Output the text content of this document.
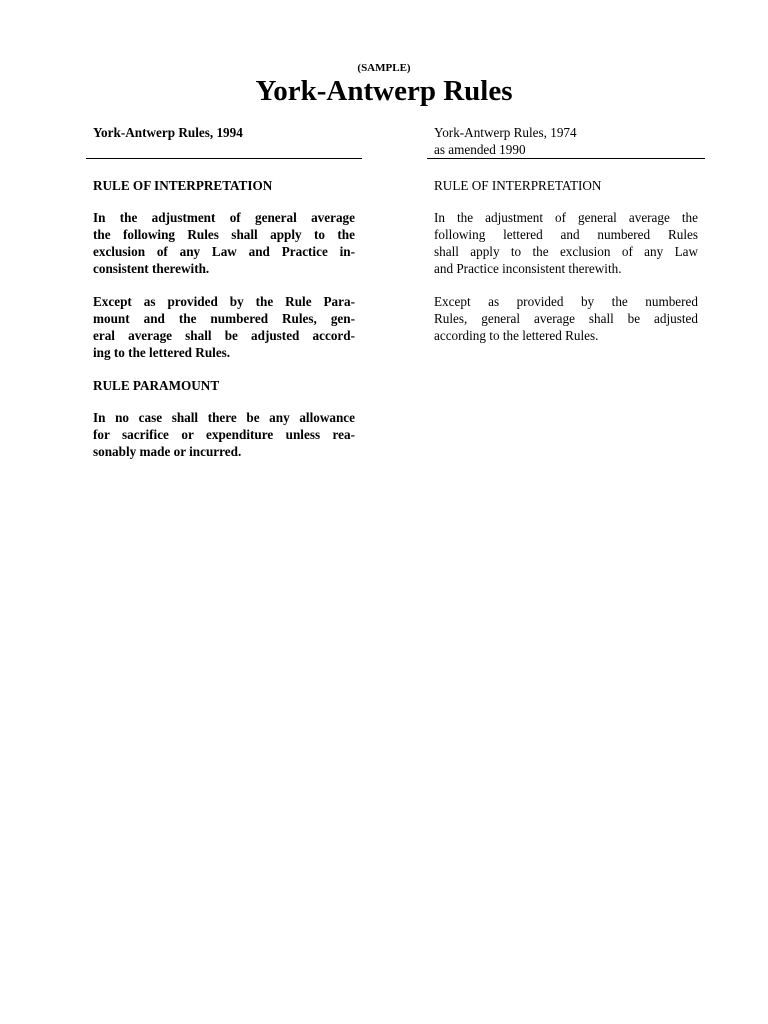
(SAMPLE)
York-Antwerp Rules
York-Antwerp Rules, 1994
RULE OF INTERPRETATION
In the adjustment of general average
the following Rules shall apply to the
exclusion of any Law and Practice in-
consistent therewith.
Except as provided by the Rule Para-
mount and the numbered Rules, gen-
eral average shall be adjusted accord-
ing to the lettered Rules.
RULE PARAMOUNT
In no case shall there be any allowance
for sacrifice or expenditure unless rea-
sonably made or incurred.
York-Antwerp Rules, 1974
as amended 1990
RULE OF INTERPRETATION
In the adjustment of general average the
following lettered and numbered Rules
shall apply to the exclusion of any Law
and Practice inconsistent therewith.
Except as provided by the numbered
Rules, general average shall be adjusted
according to the lettered Rules.
